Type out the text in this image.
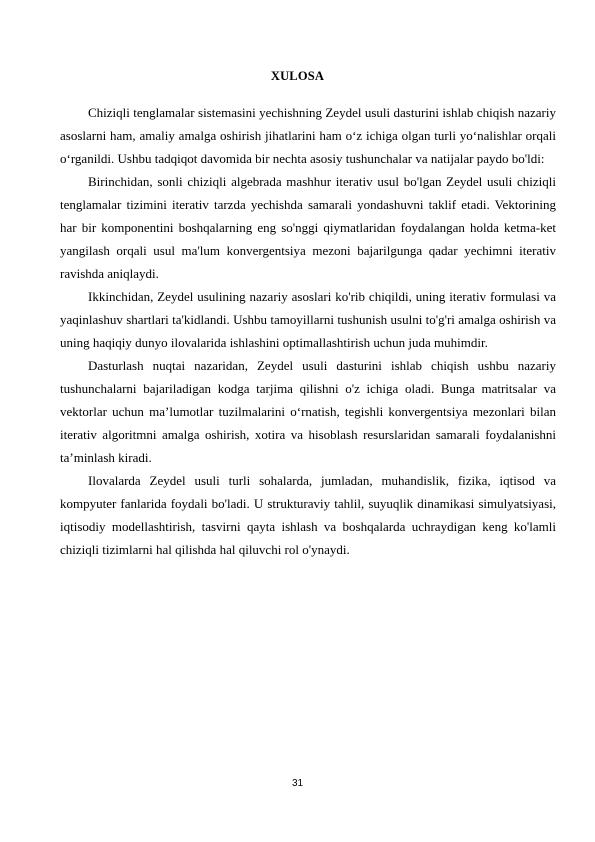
XULOSA

Chiziqli tenglamalar sistemasini yechishning Zeydel usuli dasturini ishlab chiqish nazariy asoslarni ham, amaliy amalga oshirish jihatlarini ham o‘z ichiga olgan turli yo‘nalishlar orqali o‘rganildi. Ushbu tadqiqot davomida bir nechta asosiy tushunchalar va natijalar paydo bo'ldi:

Birinchidan, sonli chiziqli algebrada mashhur iterativ usul bo'lgan Zeydel usuli chiziqli tenglamalar tizimini iterativ tarzda yechishda samarali yondashuvni taklif etadi. Vektorining har bir komponentini boshqalarning eng so'nggi qiymatlaridan foydalangan holda ketma-ket yangilash orqali usul ma'lum konvergentsiya mezoni bajarilgunga qadar yechimni iterativ ravishda aniqlaydi.

Ikkinchidan, Zeydel usulining nazariy asoslari ko'rib chiqildi, uning iterativ formulasi va yaqinlashuv shartlari ta'kidlandi. Ushbu tamoyillarni tushunish usulni to'g'ri amalga oshirish va uning haqiqiy dunyo ilovalarida ishlashini optimallashtirish uchun juda muhimdir.

Dasturlash nuqtai nazaridan, Zeydel usuli dasturini ishlab chiqish ushbu nazariy tushunchalarni bajariladigan kodga tarjima qilishni o'z ichiga oladi. Bunga matritsalar va vektorlar uchun ma’lumotlar tuzilmalarini o‘rnatish, tegishli konvergentsiya mezonlari bilan iterativ algoritmni amalga oshirish, xotira va hisoblash resurslaridan samarali foydalanishni ta’minlash kiradi.

Ilovalarda Zeydel usuli turli sohalarda, jumladan, muhandislik, fizika, iqtisod va kompyuter fanlarida foydali bo'ladi. U strukturaviy tahlil, suyuqlik dinamikasi simulyatsiyasi, iqtisodiy modellashtirish, tasvirni qayta ishlash va boshqalarda uchraydigan keng ko'lamli chiziqli tizimlarni hal qilishda hal qiluvchi rol o'ynaydi.

31
